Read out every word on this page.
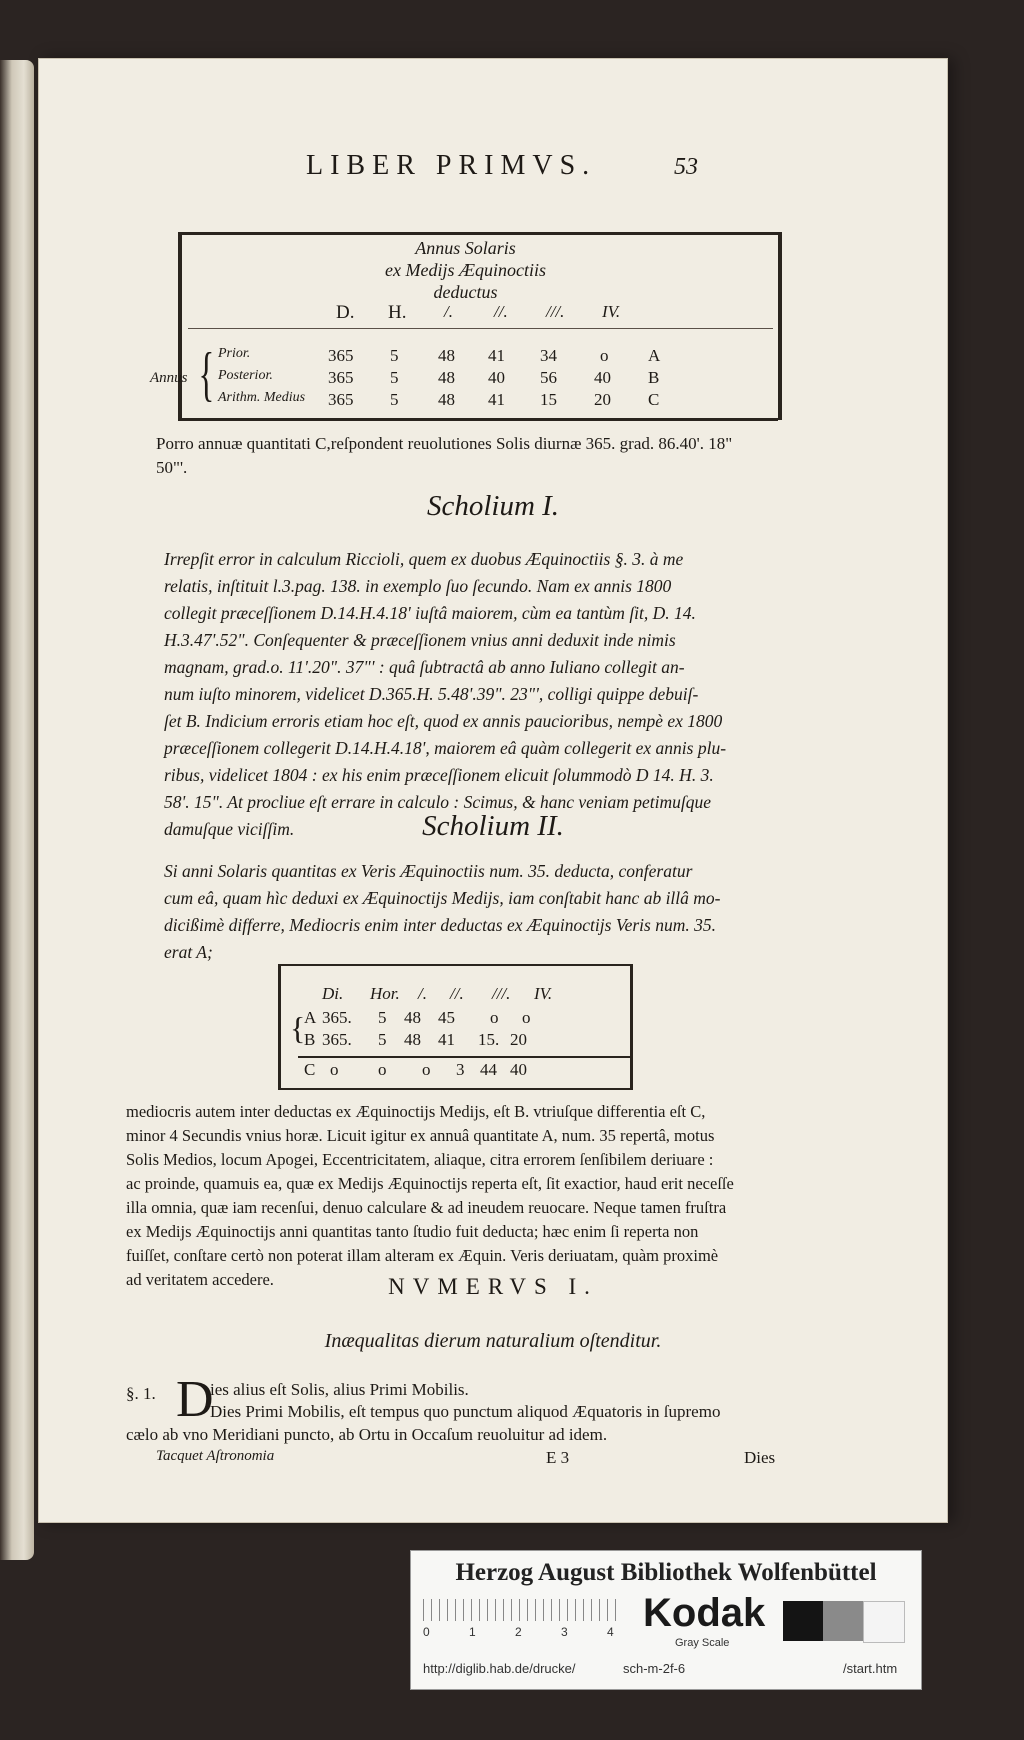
LIBER PRIMVS.	53
Annus Solaris
ex Medijs Æquinoctiis
deductus
D. H. /. //. ///. IV.
Annus { Prior.	365 5 48 41 34	o A
Posterior.	365 5 48 40 56 40 B
Arithm. Medius 365 5 48 41 15 20 C
Porro annuæ quantitati C,reſpondent reuolutiones Solis diurnæ 365. grad. 86.40'. 18"
50"'.
Scholium I.
Irrepſit error in calculum Riccioli, quem ex duobus Æquinoctiis §. 3. à me
relatis, inſtituit l.3.pag. 138. in exemplo ſuo ſecundo. Nam ex annis 1800
collegit præceſſionem D.14.H.4.18' iuſtâ maiorem, cùm ea tantùm ſit, D. 14.
H.3.47'.52". Conſequenter & præceſſionem vnius anni deduxit inde nimis
magnam, grad.o. 11'.20". 37"' : quâ ſubtractâ ab anno Iuliano collegit an-
num iuſto minorem, videlicet D.365.H. 5.48'.39". 23"', colligi quippe debuiſ-
ſet B. Indicium erroris etiam hoc eſt, quod ex annis paucioribus, nempè ex 1800
præceſſionem collegerit D.14.H.4.18', maiorem eâ quàm collegerit ex annis plu-
ribus, videlicet 1804 : ex his enim præceſſionem elicuit ſolummodò D 14. H. 3.
58'. 15". At procliue eſt errare in calculo : Scimus, & hanc veniam petimuſque
damuſque viciſſim.	Scholium II.
Si anni Solaris quantitas ex Veris Æquinoctiis num. 35. deducta, conferatur
cum eâ, quam hìc deduxi ex Æquinoctijs Medijs, iam conſtabit hanc ab illâ mo-
dicißimè differre, Mediocris enim inter deductas ex Æquinoctijs Veris num. 35.
erat A;
Di. Hor. /. //. ///. IV.
{
A 365. 5 48 45 o o
B 365. 5 48 41 15. 20
C o o o 3 44 40
mediocris autem inter deductas ex Æquinoctijs Medijs, eſt B. vtriuſque differentia eſt C,
minor 4 Secundis vnius horæ. Licuit igitur ex annuâ quantitate A, num. 35 repertâ, motus
Solis Medios, locum Apogei, Eccentricitatem, aliaque, citra errorem ſenſibilem deriuare :
ac proinde, quamuis ea, quæ ex Medijs Æquinoctijs reperta eſt, ſit exactior, haud erit neceſſe
illa omnia, quæ iam recenſui, denuo calculare & ad ineudem reuocare. Neque tamen fruſtra
ex Medijs Æquinoctijs anni quantitas tanto ſtudio fuit deducta; hæc enim ſi reperta non
fuiſſet, conſtare certò non poterat illam alteram ex Æquin. Veris deriuatam, quàm proximè
ad veritatem accedere.	NVMERVS I.
Inæqualitas dierum naturalium oſtenditur.
§. 1. D
ies alius eſt Solis, alius Primi Mobilis.
Dies Primi Mobilis, eſt tempus quo punctum aliquod Æquatoris in ſupremo
cælo ab vno Meridiani puncto, ab Ortu in Occaſum reuoluitur ad idem.
Tacquet Aſtronomia	E 3	Dies
Herzog August Bibliothek Wolfenbüttel
0	1	2	3	4 Kodak
Gray Scale
http://diglib.hab.de/drucke/	sch-m-2f-6	/start.htm
